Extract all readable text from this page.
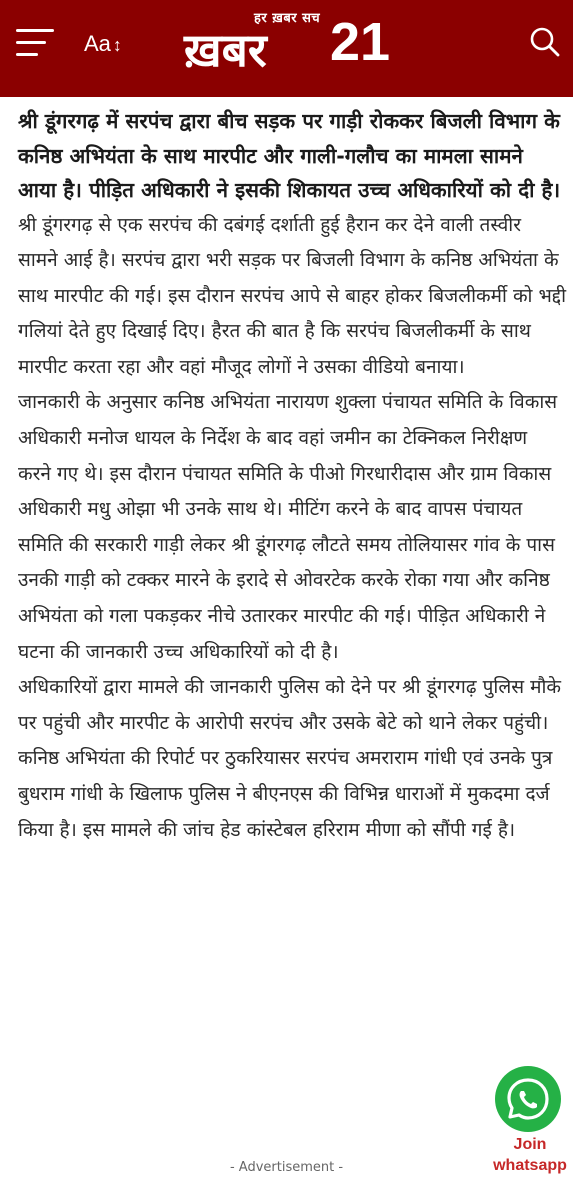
Aa ↕
हर ख़बर सच
ख़बर 21
श्री डूंगरगढ़ में सरपंच द्वारा बीच सड़क पर गाड़ी रोककर बिजली विभाग के कनिष्ठ अभियंता के साथ मारपीट और गाली-गलौच का मामला सामने आया है। पीड़ित अधिकारी ने इसकी शिकायत उच्च अधिकारियों को दी है।

श्री डूंगरगढ़ से एक सरपंच की दबंगई दर्शाती हुई हैरान कर देने वाली तस्वीर सामने आई है। सरपंच द्वारा भरी सड़क पर बिजली विभाग के कनिष्ठ अभियंता के साथ मारपीट की गई। इस दौरान सरपंच आपे से बाहर होकर बिजलीकर्मी को भद्दी गलियां देते हुए दिखाई दिए। हैरत की बात है कि सरपंच बिजलीकर्मी के साथ मारपीट करता रहा और वहां मौजूद लोगों ने उसका वीडियो बनाया।

जानकारी के अनुसार कनिष्ठ अभियंता नारायण शुक्ला पंचायत समिति के विकास अधिकारी मनोज धायल के निर्देश के बाद वहां जमीन का टेक्निकल निरीक्षण करने गए थे। इस दौरान पंचायत समिति के पीओ गिरधारीदास और ग्राम विकास अधिकारी मधु ओझा भी उनके साथ थे। मीटिंग करने के बाद वापस पंचायत समिति की सरकारी गाड़ी लेकर श्री डूंगरगढ़ लौटते समय तोलियासर गांव के पास उनकी गाड़ी को टक्कर मारने के इरादे से ओवरटेक करके रोका गया और कनिष्ठ अभियंता को गला पकड़कर नीचे उतारकर मारपीट की गई। पीड़ित अधिकारी ने घटना की जानकारी उच्च अधिकारियों को दी है।

अधिकारियों द्वारा मामले की जानकारी पुलिस को देने पर श्री डूंगरगढ़ पुलिस मौके पर पहुंची और मारपीट के आरोपी सरपंच और उसके बेटे को थाने लेकर पहुंची। कनिष्ठ अभियंता की रिपोर्ट पर ठुकरियासर सरपंच अमराराम गांधी एवं उनके पुत्र बुधराम गांधी के खिलाफ पुलिस ने बीएनएस की विभिन्न धाराओं में मुकदमा दर्ज किया है। इस मामले की जांच हेड कांस्टेबल हरिराम मीणा को सौंपी गई है।

- Advertisement -
Join
whatsapp
